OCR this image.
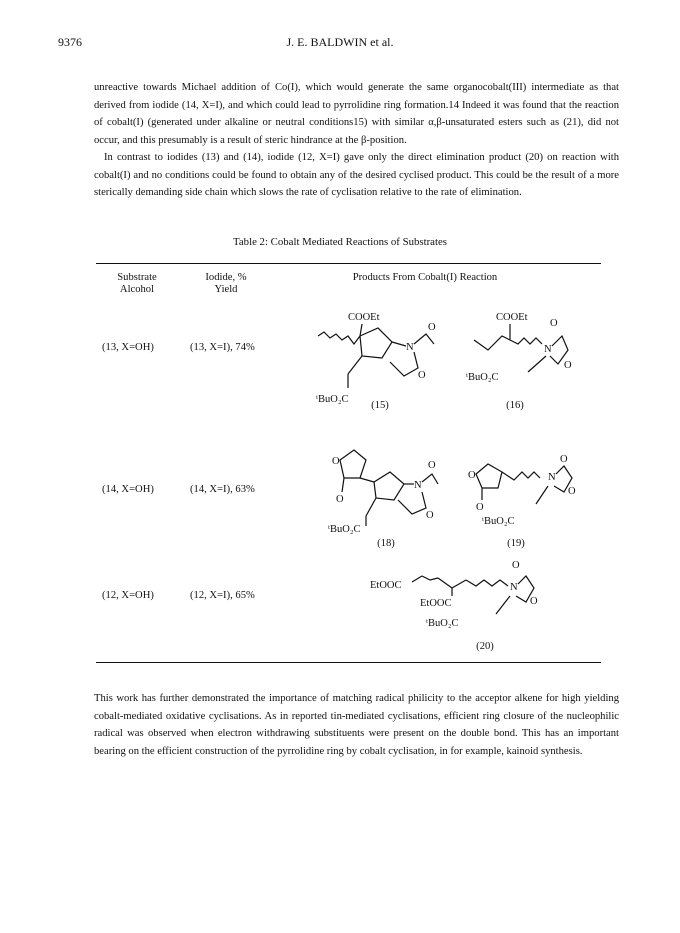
9376	J. E. BALDWIN et al.

unreactive towards Michael addition of Co(I), which would generate the same organocobalt(III) intermediate as that derived from iodide (14, X=I), and which could lead to pyrrolidine ring formation.14 Indeed it was found that the reaction of cobalt(I) (generated under alkaline or neutral conditions15) with similar α,β-unsaturated esters such as (21), did not occur, and this presumably is a result of steric hindrance at the β-position.

In contrast to iodides (13) and (14), iodide (12, X=I) gave only the direct elimination product (20) on reaction with cobalt(I) and no conditions could be found to obtain any of the desired cyclised product. This could be the result of a more sterically demanding side chain which slows the rate of cyclisation relative to the rate of elimination.

Table 2: Cobalt Mediated Reactions of Substrates
Substrate Alcohol
Iodide, % Yield
Products From Cobalt(I) Reaction
(13, X=OH)	(13, X=I), 74%
COOEt
N
O
O
ᵗBuO₂C
(15)
COOEt
O
N
O
ᵗBuO₂C
(16)
(14, X=OH)	(14, X=I), 63%
O
O
N
O
O
ᵗBuO₂C
(18)
O
O
O
N
O
ᵗBuO₂C
(19)
(12, X=OH)	(12, X=I), 65%
EtOOC
EtOOC
O
N
O
ᵗBuO₂C
(20)

This work has further demonstrated the importance of matching radical philicity to the acceptor alkene for high yielding cobalt-mediated oxidative cyclisations. As in reported tin-mediated cyclisations, efficient ring closure of the nucleophilic radical was observed when electron withdrawing substituents were present on the double bond. This has an important bearing on the efficient construction of the pyrrolidine ring by cobalt cyclisation, in for example, kainoid synthesis.
